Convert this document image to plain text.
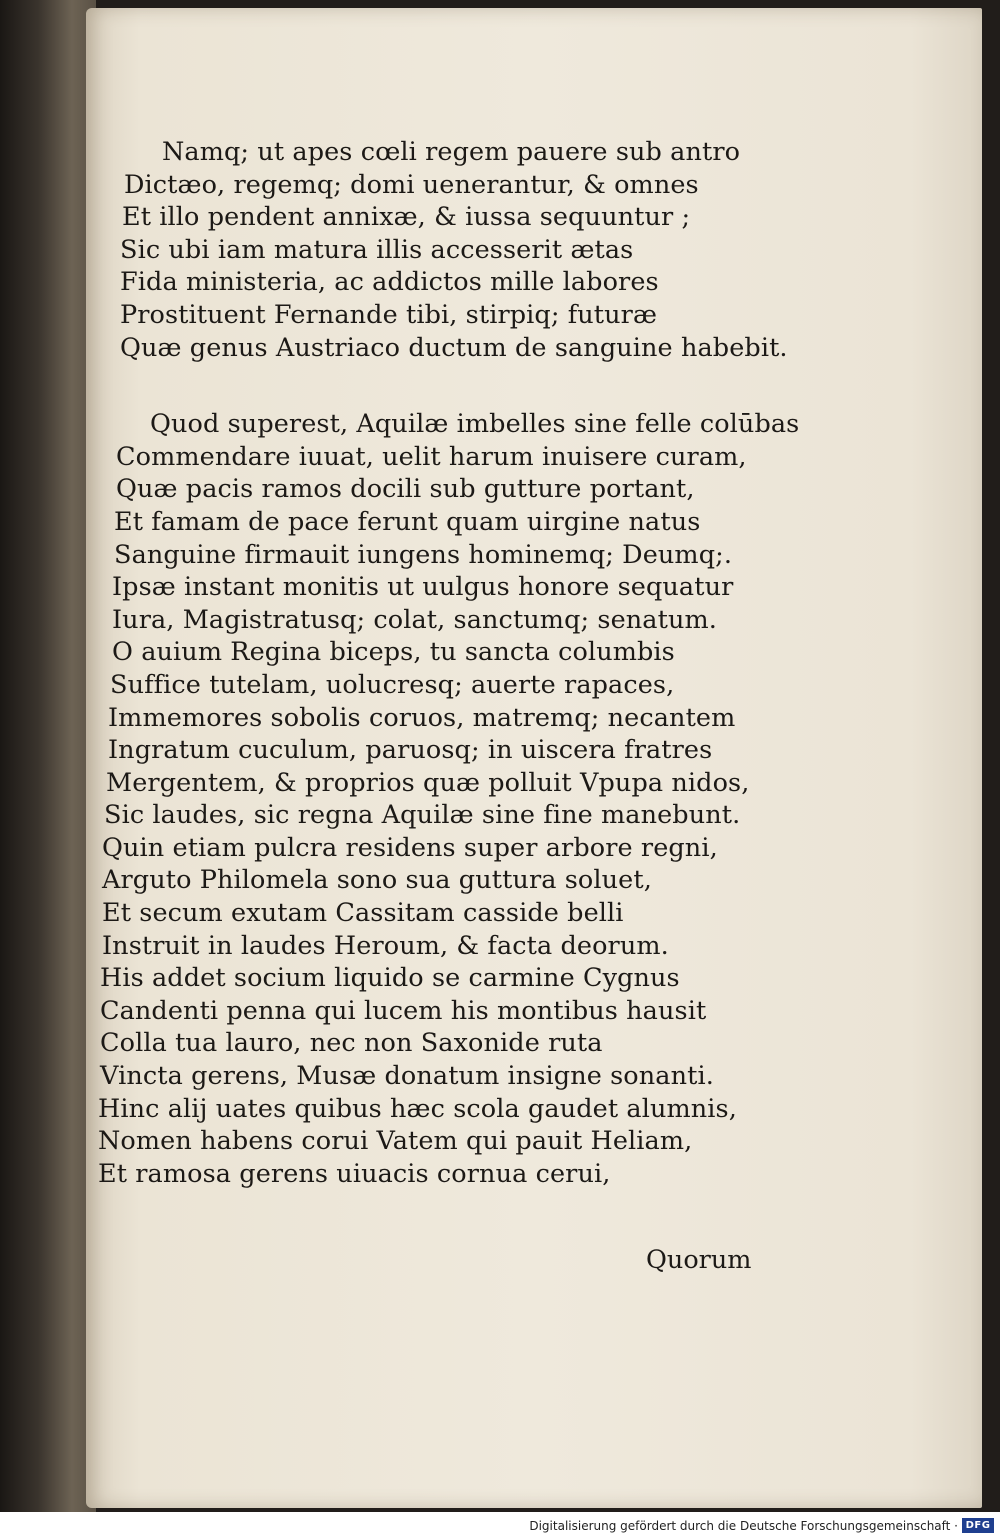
Namq; ut apes cœli regem pauere sub antro
Dictæo, regemq; domi uenerantur, & omnes
Et illo pendent annixæ, & iussa sequuntur ;
Sic ubi iam matura illis accesserit ætas
Fida ministeria, ac addictos mille labores
Prostituent Fernande tibi, stirpiq; futuræ
Quæ genus Austriaco ductum de sanguine habebit.
Quod superest, Aquilæ imbelles sine felle colūbas
Commendare iuuat, uelit harum inuisere curam,
Quæ pacis ramos docili sub gutture portant,
Et famam de pace ferunt quam uirgine natus
Sanguine firmauit iungens hominemq; Deumq;.
Ipsæ instant monitis ut uulgus honore sequatur
Iura, Magistratusq; colat, sanctumq; senatum.
O auium Regina biceps, tu sancta columbis
Suffice tutelam, uolucresq; auerte rapaces,
Immemores sobolis coruos, matremq; necantem
Ingratum cuculum, paruosq; in uiscera fratres
Mergentem, & proprios quæ polluit Vpupa nidos,
Sic laudes, sic regna Aquilæ sine fine manebunt.
Quin etiam pulcra residens super arbore regni,
Arguto Philomela sono sua guttura soluet,
Et secum exutam Cassitam casside belli
Instruit in laudes Heroum, & facta deorum.
His addet socium liquido se carmine Cygnus
Candenti penna qui lucem his montibus hausit
Colla tua lauro, nec non Saxonide ruta
Vincta gerens, Musæ donatum insigne sonanti.
Hinc alij uates quibus hæc scola gaudet alumnis,
Nomen habens corui Vatem qui pauit Heliam,
Et ramosa gerens uiuacis cornua cerui,
Quorum
Digitalisierung gefördert durch die Deutsche Forschungsgemeinschaft · DFG
